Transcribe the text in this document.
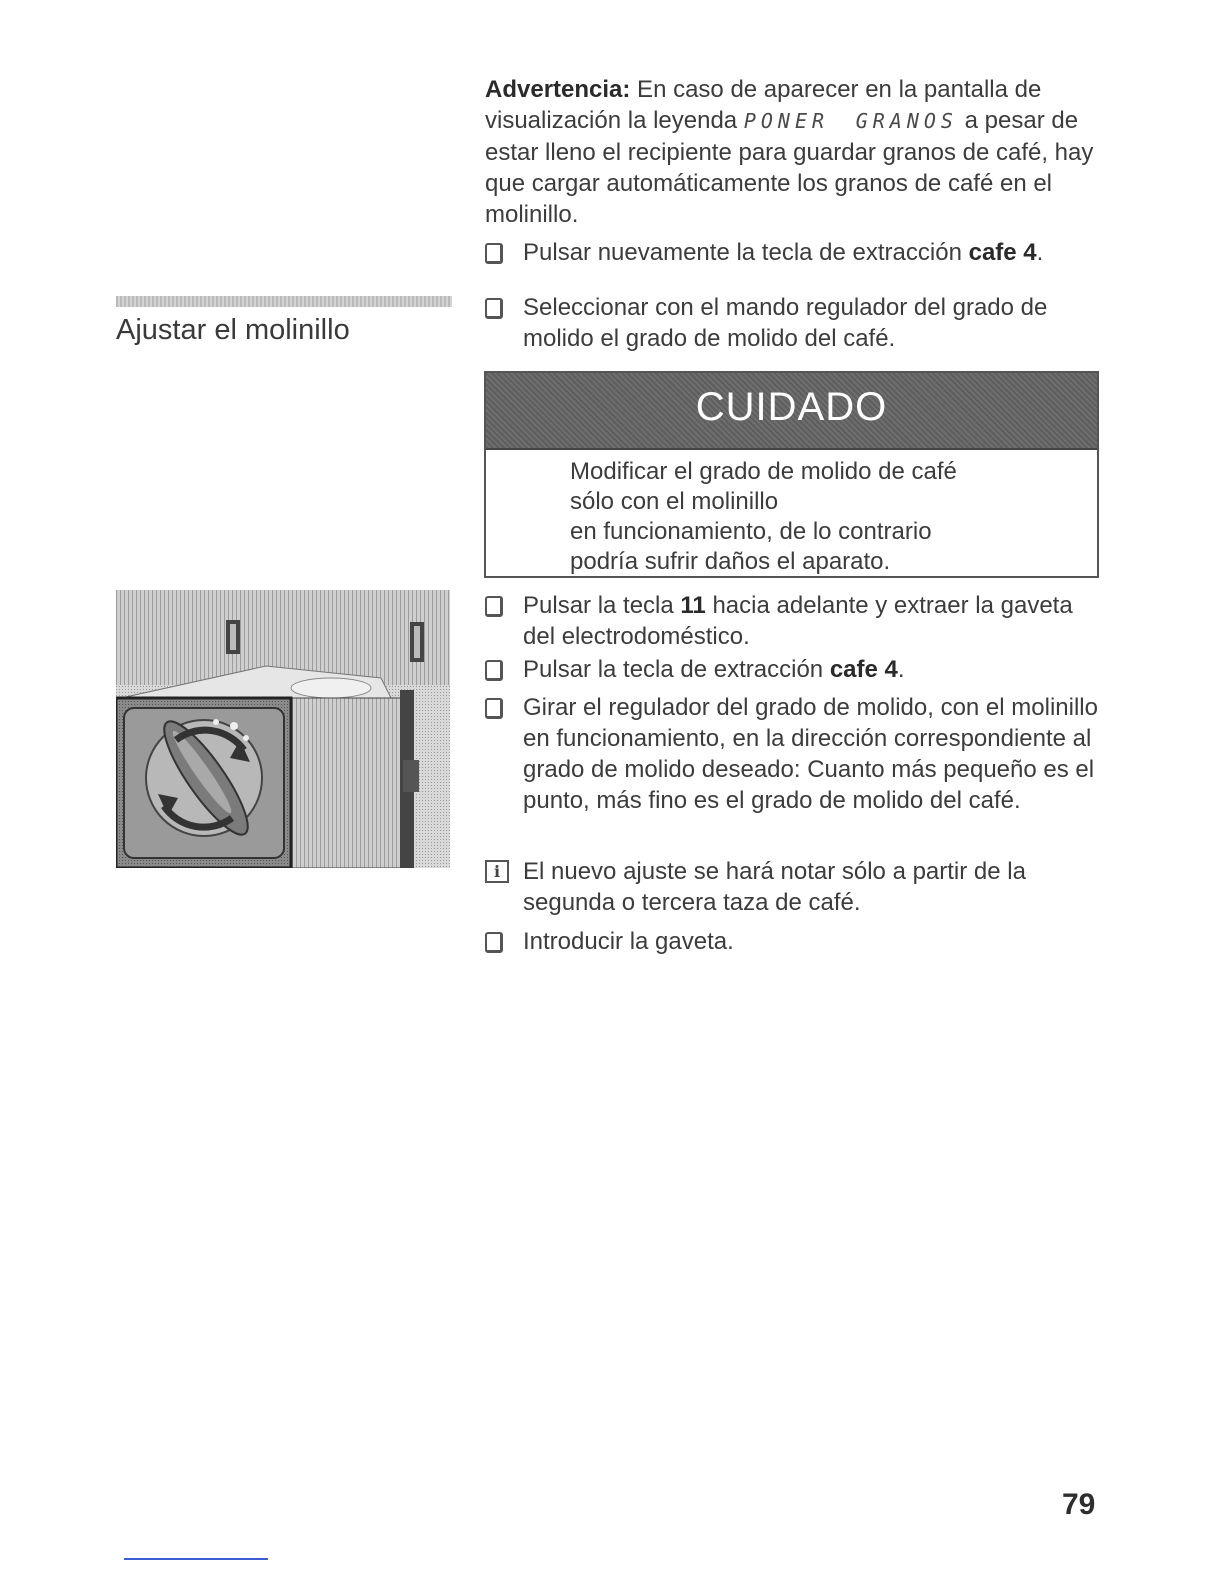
Ajustar el molinillo
Advertencia: En caso de aparecer en la pantalla de visualización la leyenda PONER GRANOS a pesar de estar lleno el recipiente para guardar granos de café, hay que cargar automáticamente los granos de café en el molinillo.
Pulsar nuevamente la tecla de extracción cafe 4.
Seleccionar con el mando regulador del grado de molido el grado de molido del café.
CUIDADO
Modificar el grado de molido de café
sólo con el molinillo
en funcionamiento, de lo contrario
podría sufrir daños el aparato.
Pulsar la tecla 11 hacia adelante y extraer la gaveta del electrodoméstico.
Pulsar la tecla de extracción cafe 4.
Girar el regulador del grado de molido, con el molinillo en funcionamiento, en la dirección correspondiente al grado de molido deseado: Cuanto más pequeño es el punto, más fino es el grado de molido del café.
i El nuevo ajuste se hará notar sólo a partir de la segunda o tercera taza de café.
Introducir la gaveta.
79
